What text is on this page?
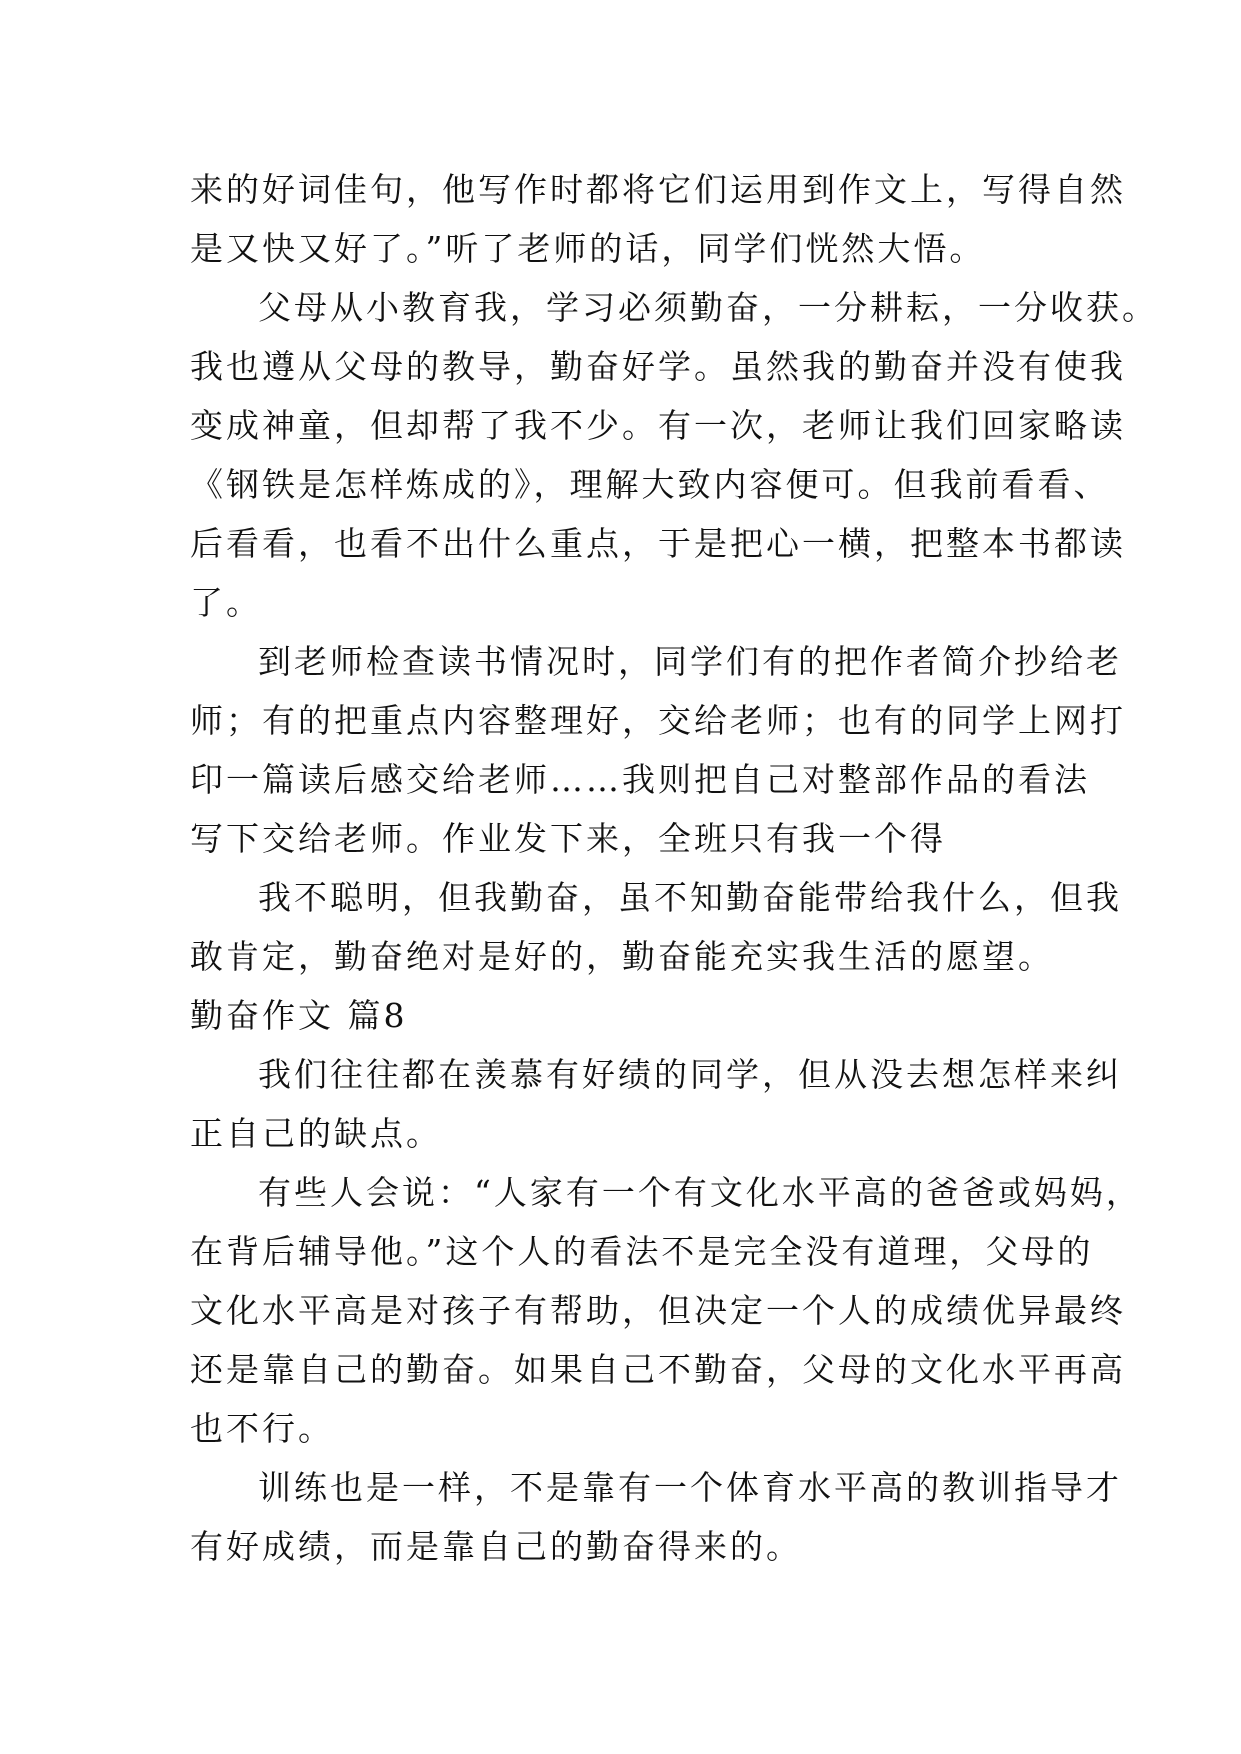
来的好词佳句，他写作时都将它们运用到作文上，写得自然
是又快又好了。”听了老师的话，同学们恍然大悟。
父母从小教育我，学习必须勤奋，一分耕耘，一分收获。
我也遵从父母的教导，勤奋好学。虽然我的勤奋并没有使我
变成神童，但却帮了我不少。有一次，老师让我们回家略读
《钢铁是怎样炼成的》，理解大致内容便可。但我前看看、
后看看，也看不出什么重点，于是把心一横，把整本书都读
了。
到老师检查读书情况时，同学们有的把作者简介抄给老
师；有的把重点内容整理好，交给老师；也有的同学上网打
印一篇读后感交给老师……我则把自己对整部作品的看法
写下交给老师。作业发下来，全班只有我一个得
我不聪明，但我勤奋，虽不知勤奋能带给我什么，但我
敢肯定，勤奋绝对是好的，勤奋能充实我生活的愿望。
勤奋作文 篇8
我们往往都在羡慕有好绩的同学，但从没去想怎样来纠
正自己的缺点。
有些人会说：“人家有一个有文化水平高的爸爸或妈妈，
在背后辅导他。”这个人的看法不是完全没有道理，父母的
文化水平高是对孩子有帮助，但决定一个人的成绩优异最终
还是靠自己的勤奋。如果自己不勤奋，父母的文化水平再高
也不行。
训练也是一样，不是靠有一个体育水平高的教训指导才
有好成绩，而是靠自己的勤奋得来的。
